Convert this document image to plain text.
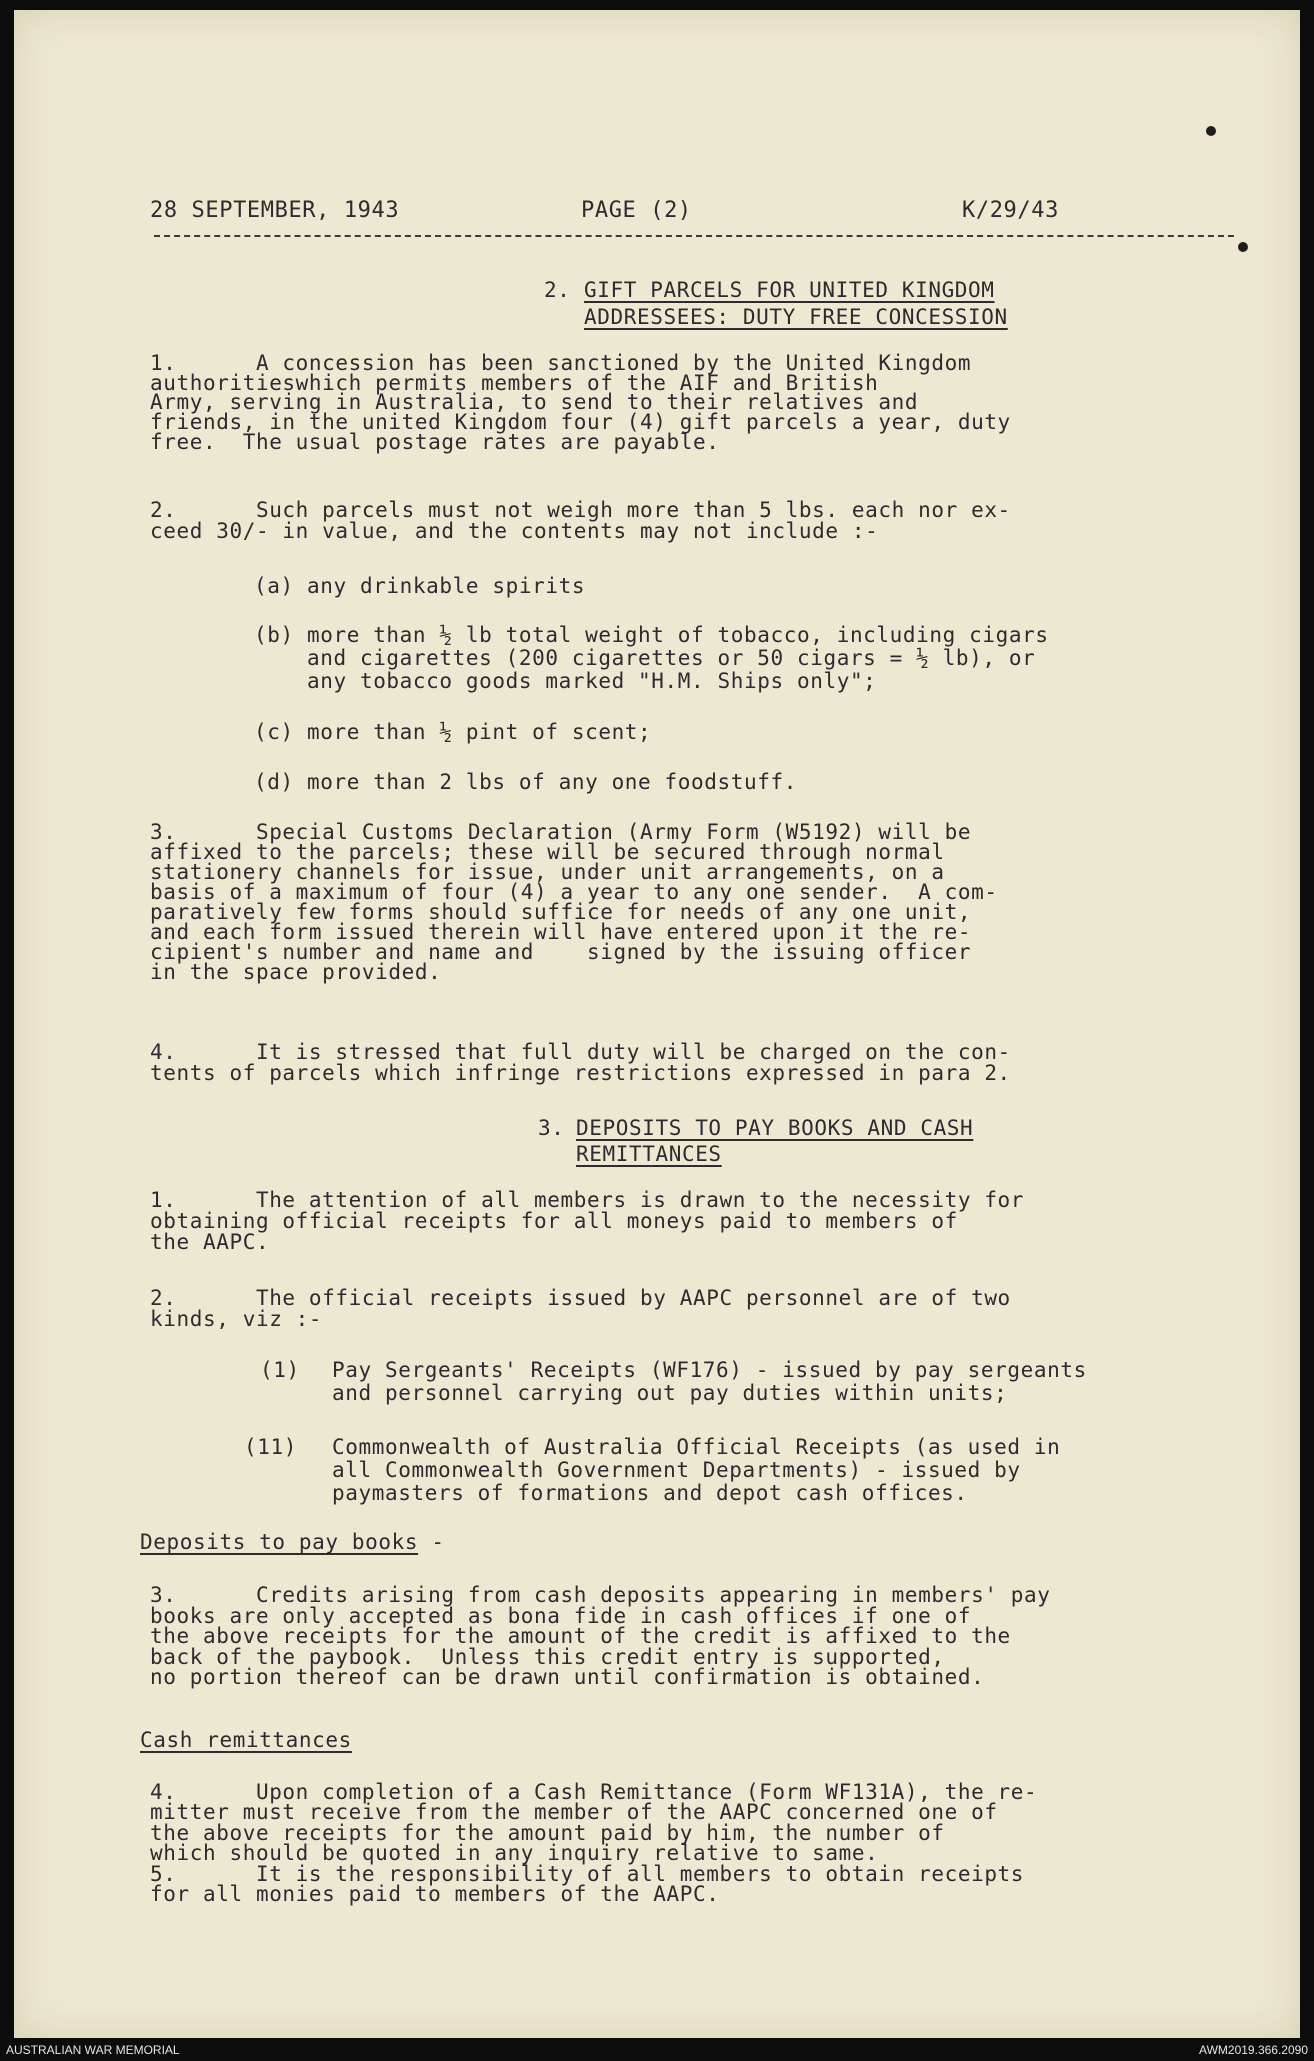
28 SEPTEMBER, 1943	PAGE (2)	K/29/43
2. GIFT PARCELS FOR UNITED KINGDOM
ADDRESSEES: DUTY FREE CONCESSION
1.      A concession has been sanctioned by the United Kingdom
authoritieswhich permits members of the AIF and British
Army, serving in Australia, to send to their relatives and
friends, in the united Kingdom four (4) gift parcels a year, duty
free.  The usual postage rates are payable.
2.      Such parcels must not weigh more than 5 lbs. each nor ex-
ceed 30/- in value, and the contents may not include :-
(a) any drinkable spirits
(b) more than ½ lb total weight of tobacco, including cigars
and cigarettes (200 cigarettes or 50 cigars = ½ lb), or
any tobacco goods marked "H.M. Ships only";
(c) more than ½ pint of scent;
(d) more than 2 lbs of any one foodstuff.
3.      Special Customs Declaration (Army Form (W5192) will be
affixed to the parcels; these will be secured through normal
stationery channels for issue, under unit arrangements, on a
basis of a maximum of four (4) a year to any one sender.  A com-
paratively few forms should suffice for needs of any one unit,
and each form issued therein will have entered upon it the re-
cipient's number and name and    signed by the issuing officer
in the space provided.
4.      It is stressed that full duty will be charged on the con-
tents of parcels which infringe restrictions expressed in para 2.
3. DEPOSITS TO PAY BOOKS AND CASH
REMITTANCES
1.      The attention of all members is drawn to the necessity for
obtaining official receipts for all moneys paid to members of
the AAPC.
2.      The official receipts issued by AAPC personnel are of two
kinds, viz :-
(1) Pay Sergeants' Receipts (WF176) - issued by pay sergeants
and personnel carrying out pay duties within units;
(11) Commonwealth of Australia Official Receipts (as used in
all Commonwealth Government Departments) - issued by
paymasters of formations and depot cash offices.
Deposits to pay books -
3.      Credits arising from cash deposits appearing in members' pay
books are only accepted as bona fide in cash offices if one of
the above receipts for the amount of the credit is affixed to the
back of the paybook.  Unless this credit entry is supported,
no portion thereof can be drawn until confirmation is obtained.
Cash remittances
4.      Upon completion of a Cash Remittance (Form WF131A), the re-
mitter must receive from the member of the AAPC concerned one of
the above receipts for the amount paid by him, the number of
which should be quoted in any inquiry relative to same.
5.      It is the responsibility of all members to obtain receipts
for all monies paid to members of the AAPC.
AUSTRALIAN WAR MEMORIAL	AWM2019.366.2090
